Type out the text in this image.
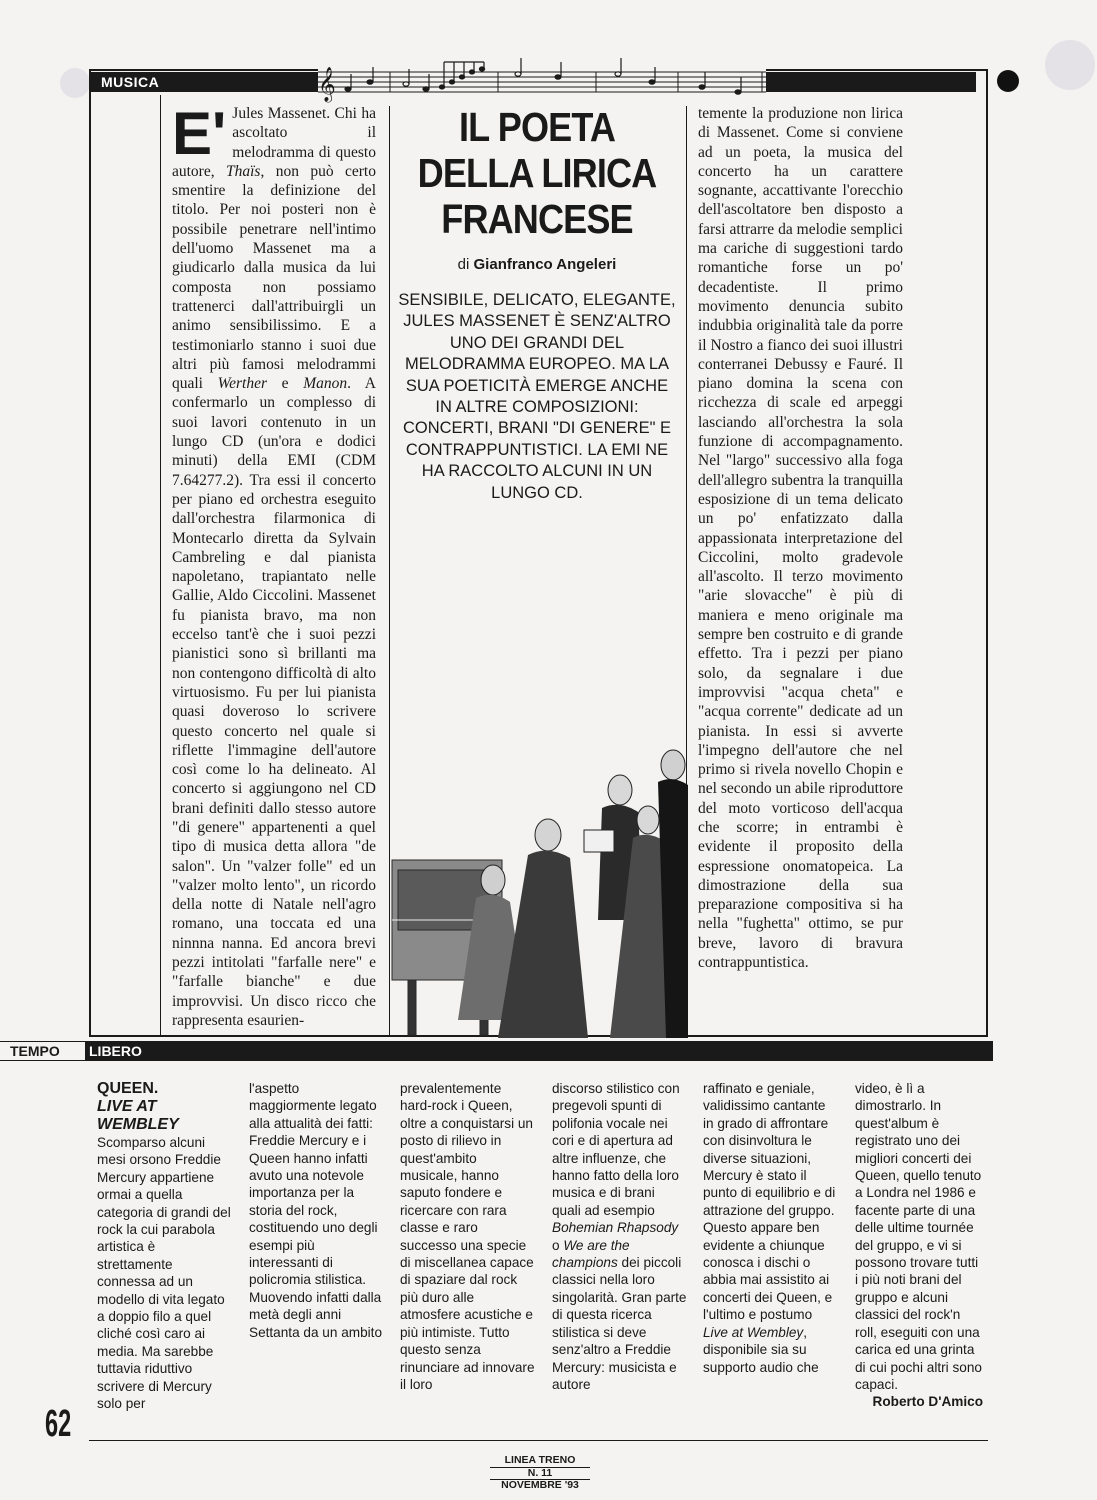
MUSICA	𝄞
E' Jules Massenet. Chi ha ascoltato il melodramma di questo autore, Thaïs, non può certo smentire la definizione del titolo. Per noi posteri non è possibile penetrare nell'intimo dell'uomo Massenet ma a giudicarlo dalla musica da lui composta non possiamo trattenerci dall'attribuirgli un animo sensibilissimo. E a testimoniarlo stanno i suoi due altri più famosi melodrammi quali Werther e Manon. A confermarlo un complesso di suoi lavori contenuto in un lungo CD (un'ora e dodici minuti) della EMI (CDM 7.64277.2). Tra essi il concerto per piano ed orchestra eseguito dall'orchestra filarmonica di Montecarlo diretta da Sylvain Cambreling e dal pianista napoletano, trapiantato nelle Gallie, Aldo Ciccolini. Massenet fu pianista bravo, ma non eccelso tant'è che i suoi pezzi pianistici sono sì brillanti ma non contengono difficoltà di alto virtuosismo. Fu per lui pianista quasi doveroso lo scrivere questo concerto nel quale si riflette l'immagine dell'autore così come lo ha delineato. Al concerto si aggiungono nel CD brani definiti dallo stesso autore "di genere" appartenenti a quel tipo di musica detta allora "de salon". Un "valzer folle" ed un "valzer molto lento", un ricordo della notte di Natale nell'agro romano, una toccata ed una ninnna nanna. Ed ancora brevi pezzi intitolati "farfalle nere" e "farfalle bianche" e due improvvisi. Un disco ricco che rappresenta esaurien-
IL POETA
DELLA LIRICA
FRANCESE
di Gianfranco Angeleri
SENSIBILE, DELICATO, ELEGANTE, JULES MASSENET È SENZ'ALTRO UNO DEI GRANDI DEL MELODRAMMA EUROPEO. MA LA SUA POETICITÀ EMERGE ANCHE IN ALTRE COMPOSIZIONI: CONCERTI, BRANI "DI GENERE" E CONTRAPPUNTISTICI. LA EMI NE HA RACCOLTO ALCUNI IN UN LUNGO CD.
temente la produzione non lirica di Massenet. Come si conviene ad un poeta, la musica del concerto ha un carattere sognante, accattivante l'orecchio dell'ascoltatore ben disposto a farsi attrarre da melodie semplici ma cariche di suggestioni tardo romantiche forse un po' decadentiste. Il primo movimento denuncia subito indubbia originalità tale da porre il Nostro a fianco dei suoi illustri conterranei Debussy e Fauré. Il piano domina la scena con ricchezza di scale ed arpeggi lasciando all'orchestra la sola funzione di accompagnamento. Nel "largo" successivo alla foga dell'allegro subentra la tranquilla esposizione di un tema delicato un po' enfatizzato dalla appassionata interpretazione del Ciccolini, molto gradevole all'ascolto. Il terzo movimento "arie slovacche" è più di maniera e meno originale ma sempre ben costruito e di grande effetto. Tra i pezzi per piano solo, da segnalare i due improvvisi "acqua cheta" e "acqua corrente" dedicate ad un pianista. In essi si avverte l'impegno dell'autore che nel primo si rivela novello Chopin e nel secondo un abile riproduttore del moto vorticoso dell'acqua che scorre; in entrambi è evidente il proposito della espressione onomatopeica. La dimostrazione della sua preparazione compositiva si ha nella "fughetta" ottimo, se pur breve, lavoro di bravura contrappuntistica.
TEMPO LIBERO

QUEEN.

LIVE AT

WEMBLEY

Scomparso alcuni mesi orsono Freddie Mercury appartiene ormai a quella categoria di grandi del rock la cui parabola artistica è strettamente connessa ad un modello di vita legato a doppio filo a quel cliché così caro ai media. Ma sarebbe tuttavia riduttivo scrivere di Mercury solo per

l'aspetto maggiormente legato alla attualità dei fatti: Freddie Mercury e i Queen hanno infatti avuto una notevole importanza per la storia del rock, costituendo uno degli esempi più interessanti di policromia stilistica. Muovendo infatti dalla metà degli anni Settanta da un ambito
prevalentemente hard-rock i Queen, oltre a conquistarsi un posto di rilievo in quest'ambito musicale, hanno saputo fondere e ricercare con rara classe e raro successo una specie di miscellanea capace di spaziare dal rock più duro alle atmosfere acustiche e più intimiste. Tutto questo senza rinunciare ad innovare il loro
discorso stilistico con pregevoli spunti di polifonia vocale nei cori e di apertura ad altre influenze, che hanno fatto della loro musica e di brani quali ad esempio Bohemian Rhapsody o We are the champions dei piccoli classici nella loro singolarità. Gran parte di questa ricerca stilistica si deve senz'altro a Freddie Mercury: musicista e autore
raffinato e geniale, validissimo cantante in grado di affrontare con disinvoltura le diverse situazioni, Mercury è stato il punto di equilibrio e di attrazione del gruppo. Questo appare ben evidente a chiunque conosca i dischi o abbia mai assistito ai concerti dei Queen, e l'ultimo e postumo Live at Wembley, disponibile sia su supporto audio che

video, è lì a dimostrarlo. In quest'album è registrato uno dei migliori concerti dei Queen, quello tenuto a Londra nel 1986 e facente parte di una delle ultime tournée del gruppo, e vi si possono trovare tutti i più noti brani del gruppo e alcuni classici del rock'n roll, eseguiti con una carica ed una grinta di cui pochi altri sono capaci.

Roberto D'Amico

62
LINEA TRENO
N. 11
NOVEMBRE '93
